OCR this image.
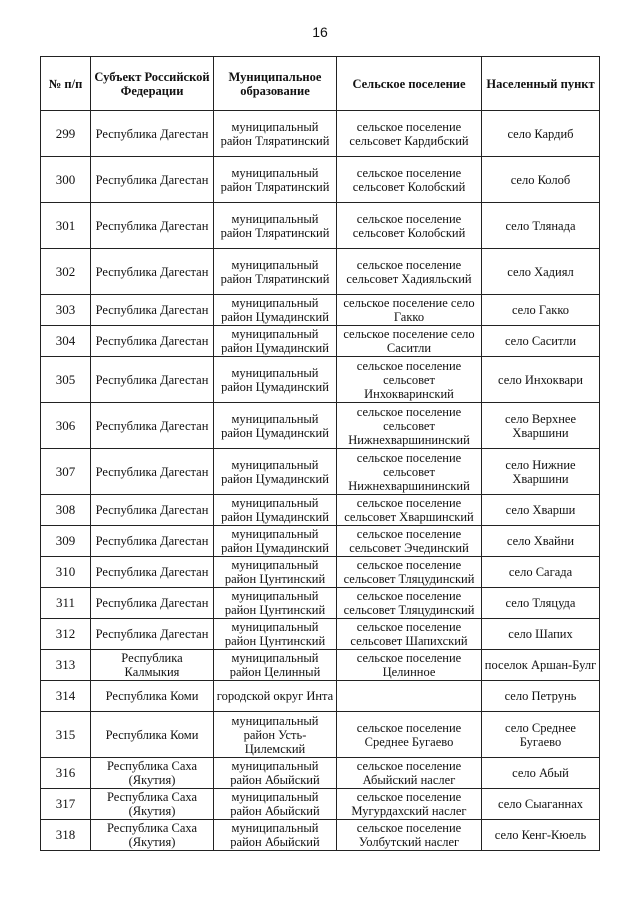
16
№ п/п	Субъект Российской Федерации	Муниципальное образование	Сельское поселение	Населенный пункт
299	Республика Дагестан	муниципальный район Тляратинский	сельское поселение сельсовет Кардибский	село Кардиб
300	Республика Дагестан	муниципальный район Тляратинский	сельское поселение сельсовет Колобский	село Колоб
301	Республика Дагестан	муниципальный район Тляратинский	сельское поселение сельсовет Колобский	село Тлянада
302	Республика Дагестан	муниципальный район Тляратинский	сельское поселение сельсовет Хадияльский	село Хадиял
303	Республика Дагестан	муниципальный район Цумадинский	сельское поселение село Гакко	село Гакко
304	Республика Дагестан	муниципальный район Цумадинский	сельское поселение село Саситли	село Саситли
305	Республика Дагестан	муниципальный район Цумадинский	сельское поселение сельсовет Инхокваринский	село Инхоквари
306	Республика Дагестан	муниципальный район Цумадинский	сельское поселение сельсовет Нижнехваршининский	село Верхнее Хваршини
307	Республика Дагестан	муниципальный район Цумадинский	сельское поселение сельсовет Нижнехваршининский	село Нижние Хваршини
308	Республика Дагестан	муниципальный район Цумадинский	сельское поселение сельсовет Хваршинский	село Хварши
309	Республика Дагестан	муниципальный район Цумадинский	сельское поселение сельсовет Эчединский	село Хвайни
310	Республика Дагестан	муниципальный район Цунтинский	сельское поселение сельсовет Тляцудинский	село Сагада
311	Республика Дагестан	муниципальный район Цунтинский	сельское поселение сельсовет Тляцудинский	село Тляцуда
312	Республика Дагестан	муниципальный район Цунтинский	сельское поселение сельсовет Шапихский	село Шапих
313	Республика Калмыкия	муниципальный район Целинный	сельское поселение Целинное	поселок Аршан-Булг
314	Республика Коми	городской округ Инта		село Петрунь
315	Республика Коми	муниципальный район Усть-Цилемский	сельское поселение Среднее Бугаево	село Среднее Бугаево
316	Республика Саха (Якутия)	муниципальный район Абыйский	сельское поселение Абыйский наслег	село Абый
317	Республика Саха (Якутия)	муниципальный район Абыйский	сельское поселение Мугурдахский наслег	село Сыаганнах
318	Республика Саха (Якутия)	муниципальный район Абыйский	сельское поселение Уолбутский наслег	село Кенг-Кюель
